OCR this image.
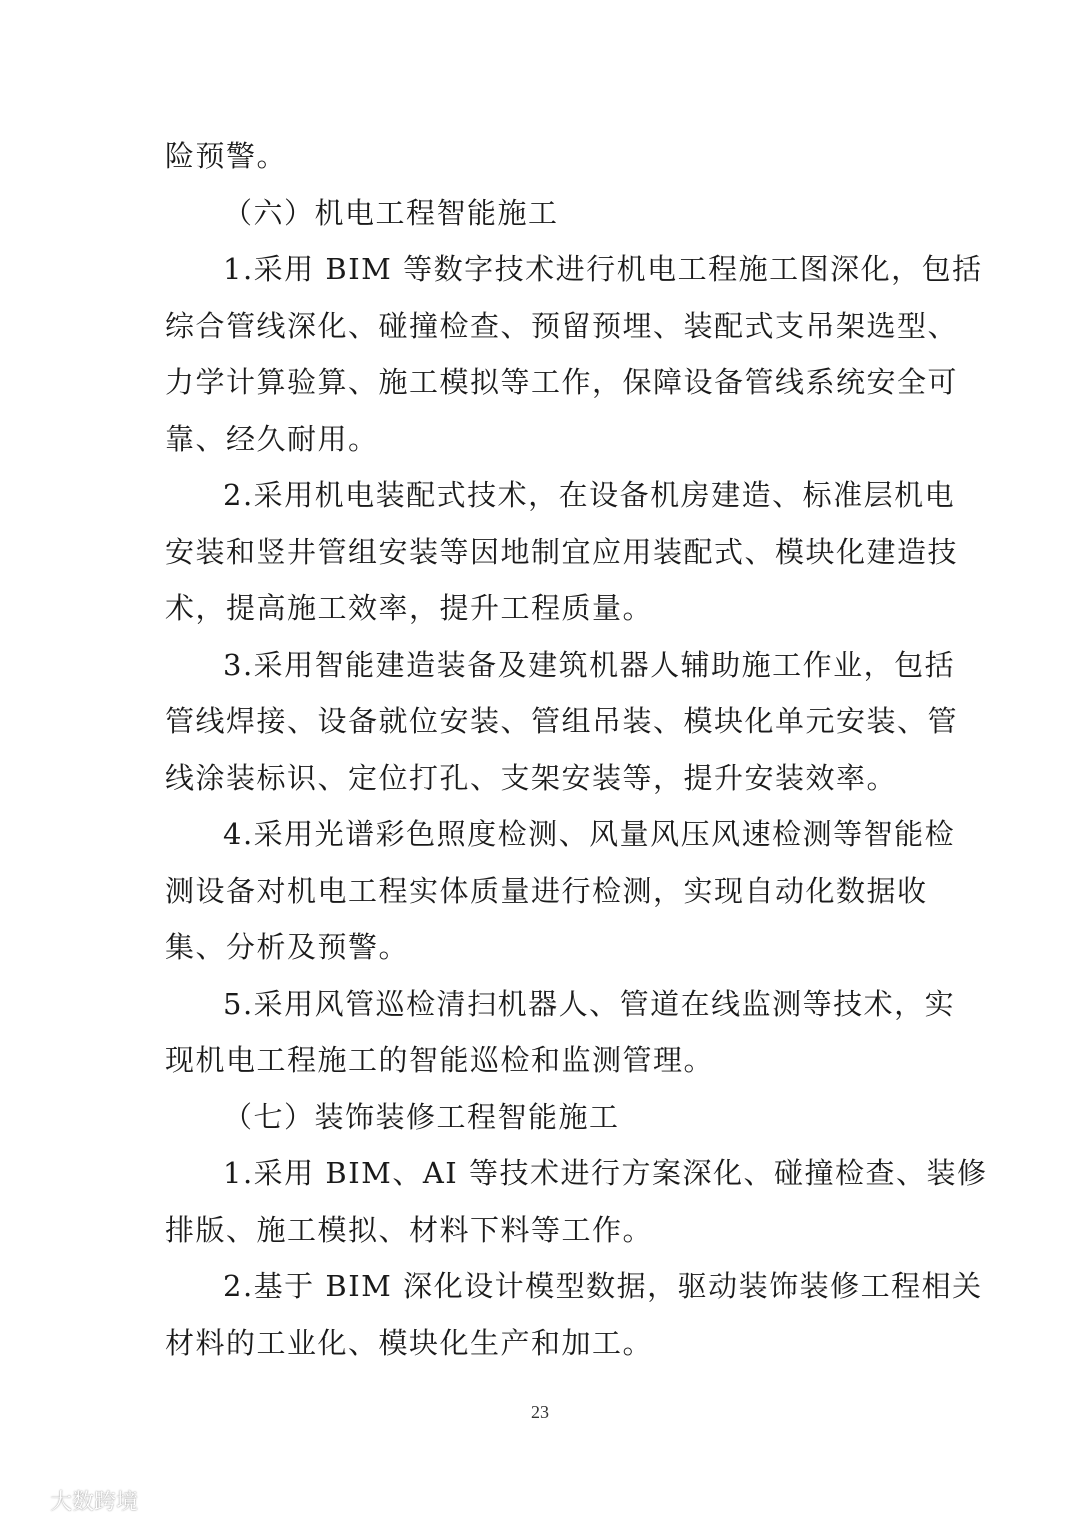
险预警。
（六）机电工程智能施工
1.采用 BIM 等数字技术进行机电工程施工图深化，包括
综合管线深化、碰撞检查、预留预埋、装配式支吊架选型、
力学计算验算、施工模拟等工作，保障设备管线系统安全可
靠、经久耐用。
2.采用机电装配式技术，在设备机房建造、标准层机电
安装和竖井管组安装等因地制宜应用装配式、模块化建造技
术，提高施工效率，提升工程质量。
3.采用智能建造装备及建筑机器人辅助施工作业，包括
管线焊接、设备就位安装、管组吊装、模块化单元安装、管
线涂装标识、定位打孔、支架安装等，提升安装效率。
4.采用光谱彩色照度检测、风量风压风速检测等智能检
测设备对机电工程实体质量进行检测，实现自动化数据收
集、分析及预警。
5.采用风管巡检清扫机器人、管道在线监测等技术，实
现机电工程施工的智能巡检和监测管理。
（七）装饰装修工程智能施工
1.采用 BIM、AI 等技术进行方案深化、碰撞检查、装修
排版、施工模拟、材料下料等工作。
2.基于 BIM 深化设计模型数据，驱动装饰装修工程相关
材料的工业化、模块化生产和加工。
23
大数跨境
